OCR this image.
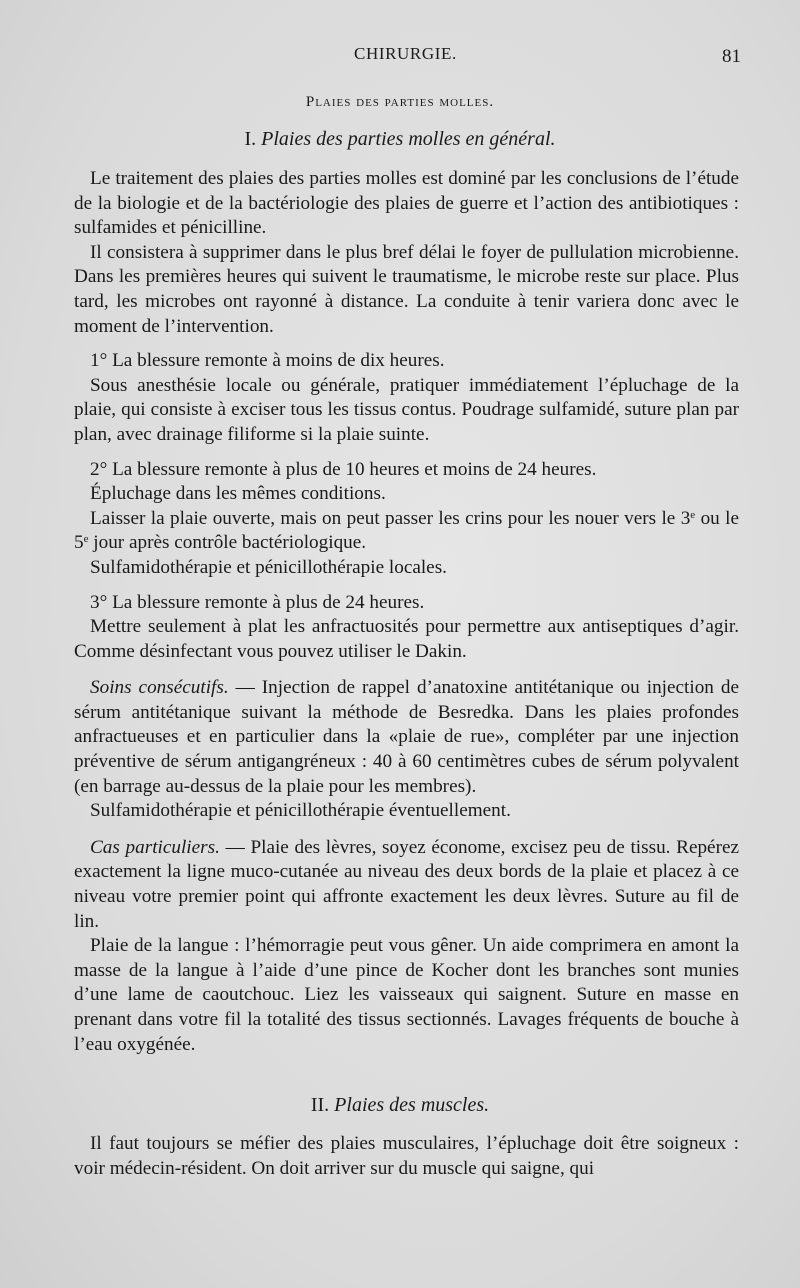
CHIRURGIE.	81
Plaies des parties molles.
I. Plaies des parties molles en général.

Le traitement des plaies des parties molles est dominé par les conclusions de l’étude de la biologie et de la bactériologie des plaies de guerre et l’action des antibiotiques : sulfamides et pénicilline.

Il consistera à supprimer dans le plus bref délai le foyer de pullulation microbienne. Dans les premières heures qui suivent le traumatisme, le microbe reste sur place. Plus tard, les microbes ont rayonné à distance. La conduite à tenir variera donc avec le moment de l’intervention.

1° La blessure remonte à moins de dix heures.

Sous anesthésie locale ou générale, pratiquer immédiatement l’épluchage de la plaie, qui consiste à exciser tous les tissus contus. Poudrage sulfamidé, suture plan par plan, avec drainage filiforme si la plaie suinte.

2° La blessure remonte à plus de 10 heures et moins de 24 heures.

Épluchage dans les mêmes conditions.

Laisser la plaie ouverte, mais on peut passer les crins pour les nouer vers le 3e ou le 5e jour après contrôle bactériologique.

Sulfamidothérapie et pénicillothérapie locales.

3° La blessure remonte à plus de 24 heures.

Mettre seulement à plat les anfractuosités pour permettre aux antiseptiques d’agir. Comme désinfectant vous pouvez utiliser le Dakin.

Soins consécutifs. — Injection de rappel d’anatoxine antitétanique ou injection de sérum antitétanique suivant la méthode de Besredka. Dans les plaies profondes anfractueuses et en particulier dans la «plaie de rue», compléter par une injection préventive de sérum antigangréneux : 40 à 60 centimètres cubes de sérum polyvalent (en barrage au-dessus de la plaie pour les membres).

Sulfamidothérapie et pénicillothérapie éventuellement.

Cas particuliers. — Plaie des lèvres, soyez économe, excisez peu de tissu. Repérez exactement la ligne muco-cutanée au niveau des deux bords de la plaie et placez à ce niveau votre premier point qui affronte exactement les deux lèvres. Suture au fil de lin.

Plaie de la langue : l’hémorragie peut vous gêner. Un aide comprimera en amont la masse de la langue à l’aide d’une pince de Kocher dont les branches sont munies d’une lame de caoutchouc. Liez les vaisseaux qui saignent. Suture en masse en prenant dans votre fil la totalité des tissus sectionnés. Lavages fréquents de bouche à l’eau oxygénée.

II. Plaies des muscles.

Il faut toujours se méfier des plaies musculaires, l’épluchage doit être soigneux : voir médecin-résident. On doit arriver sur du muscle qui saigne, qui
